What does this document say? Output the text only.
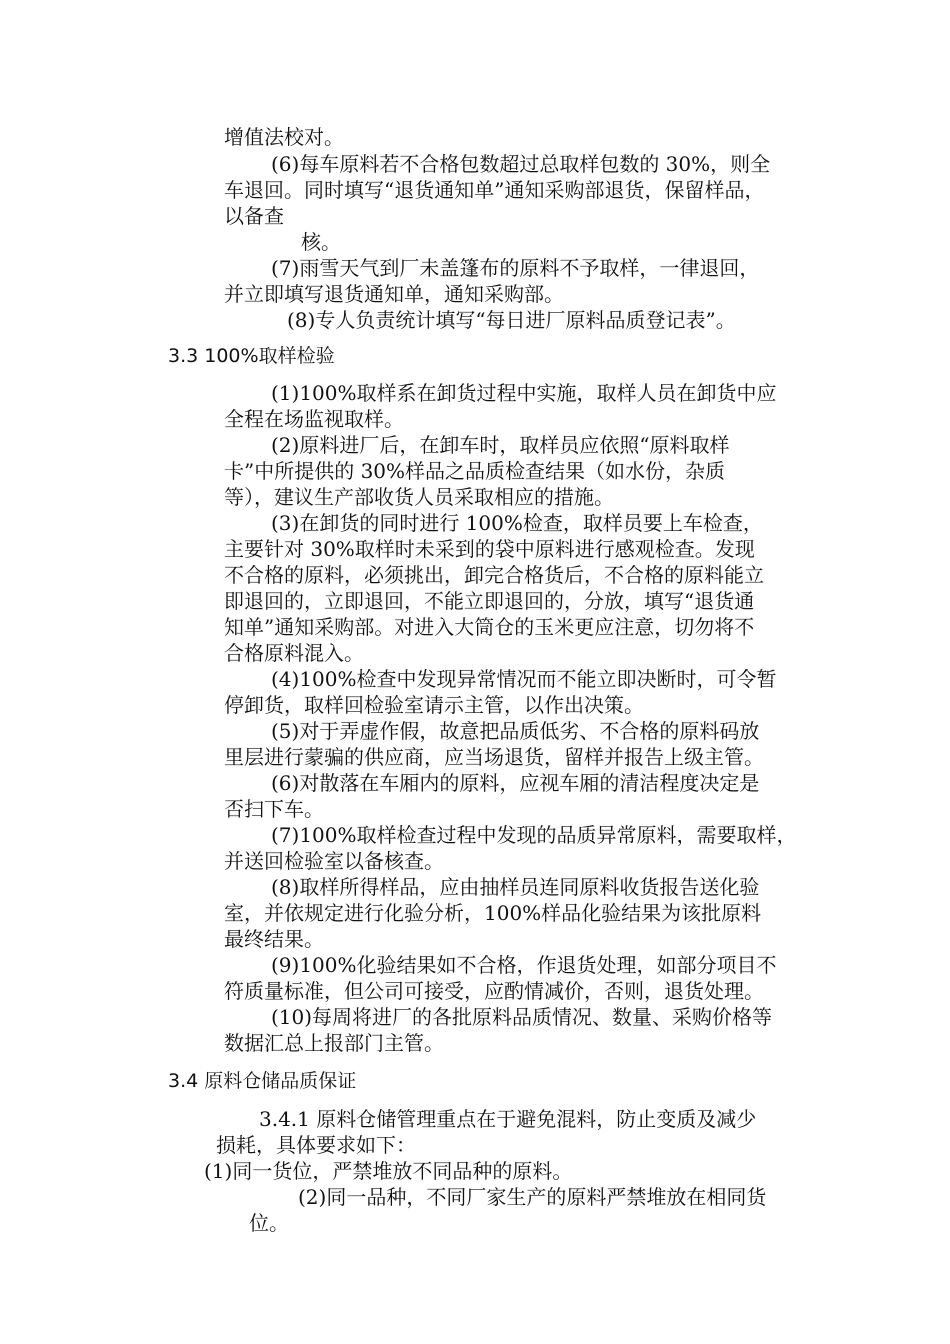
增值法校对。
(6)每车原料若不合格包数超过总取样包数的 30%，则全
车退回。同时填写“退货通知单”通知采购部退货，保留样品，
以备查
核。
(7)雨雪天气到厂未盖篷布的原料不予取样，一律退回，
并立即填写退货通知单，通知采购部。
(8)专人负责统计填写“每日进厂原料品质登记表”。
3.3 100%取样检验
(1)100%取样系在卸货过程中实施，取样人员在卸货中应
全程在场监视取样。
(2)原料进厂后，在卸车时，取样员应依照“原料取样
卡”中所提供的 30%样品之品质检查结果（如水份，杂质
等），建议生产部收货人员采取相应的措施。
(3)在卸货的同时进行 100%检查，取样员要上车检查，
主要针对 30%取样时未采到的袋中原料进行感观检查。发现
不合格的原料，必须挑出，卸完合格货后，不合格的原料能立
即退回的，立即退回，不能立即退回的，分放，填写“退货通
知单”通知采购部。对进入大筒仓的玉米更应注意，切勿将不
合格原料混入。
(4)100%检查中发现异常情况而不能立即决断时，可令暂
停卸货，取样回检验室请示主管，以作出决策。
(5)对于弄虚作假，故意把品质低劣、不合格的原料码放
里层进行蒙骗的供应商，应当场退货，留样并报告上级主管。
(6)对散落在车厢内的原料，应视车厢的清洁程度决定是
否扫下车。
(7)100%取样检查过程中发现的品质异常原料，需要取样，
并送回检验室以备核查。
(8)取样所得样品，应由抽样员连同原料收货报告送化验
室，并依规定进行化验分析，100%样品化验结果为该批原料
最终结果。
(9)100%化验结果如不合格，作退货处理，如部分项目不
符质量标准，但公司可接受，应酌情减价，否则，退货处理。
(10)每周将进厂的各批原料品质情况、数量、采购价格等
数据汇总上报部门主管。
3.4 原料仓储品质保证
3.4.1 原料仓储管理重点在于避免混料，防止变质及减少
损耗，具体要求如下：
(1)同一货位，严禁堆放不同品种的原料。
(2)同一品种，不同厂家生产的原料严禁堆放在相同货
位。
